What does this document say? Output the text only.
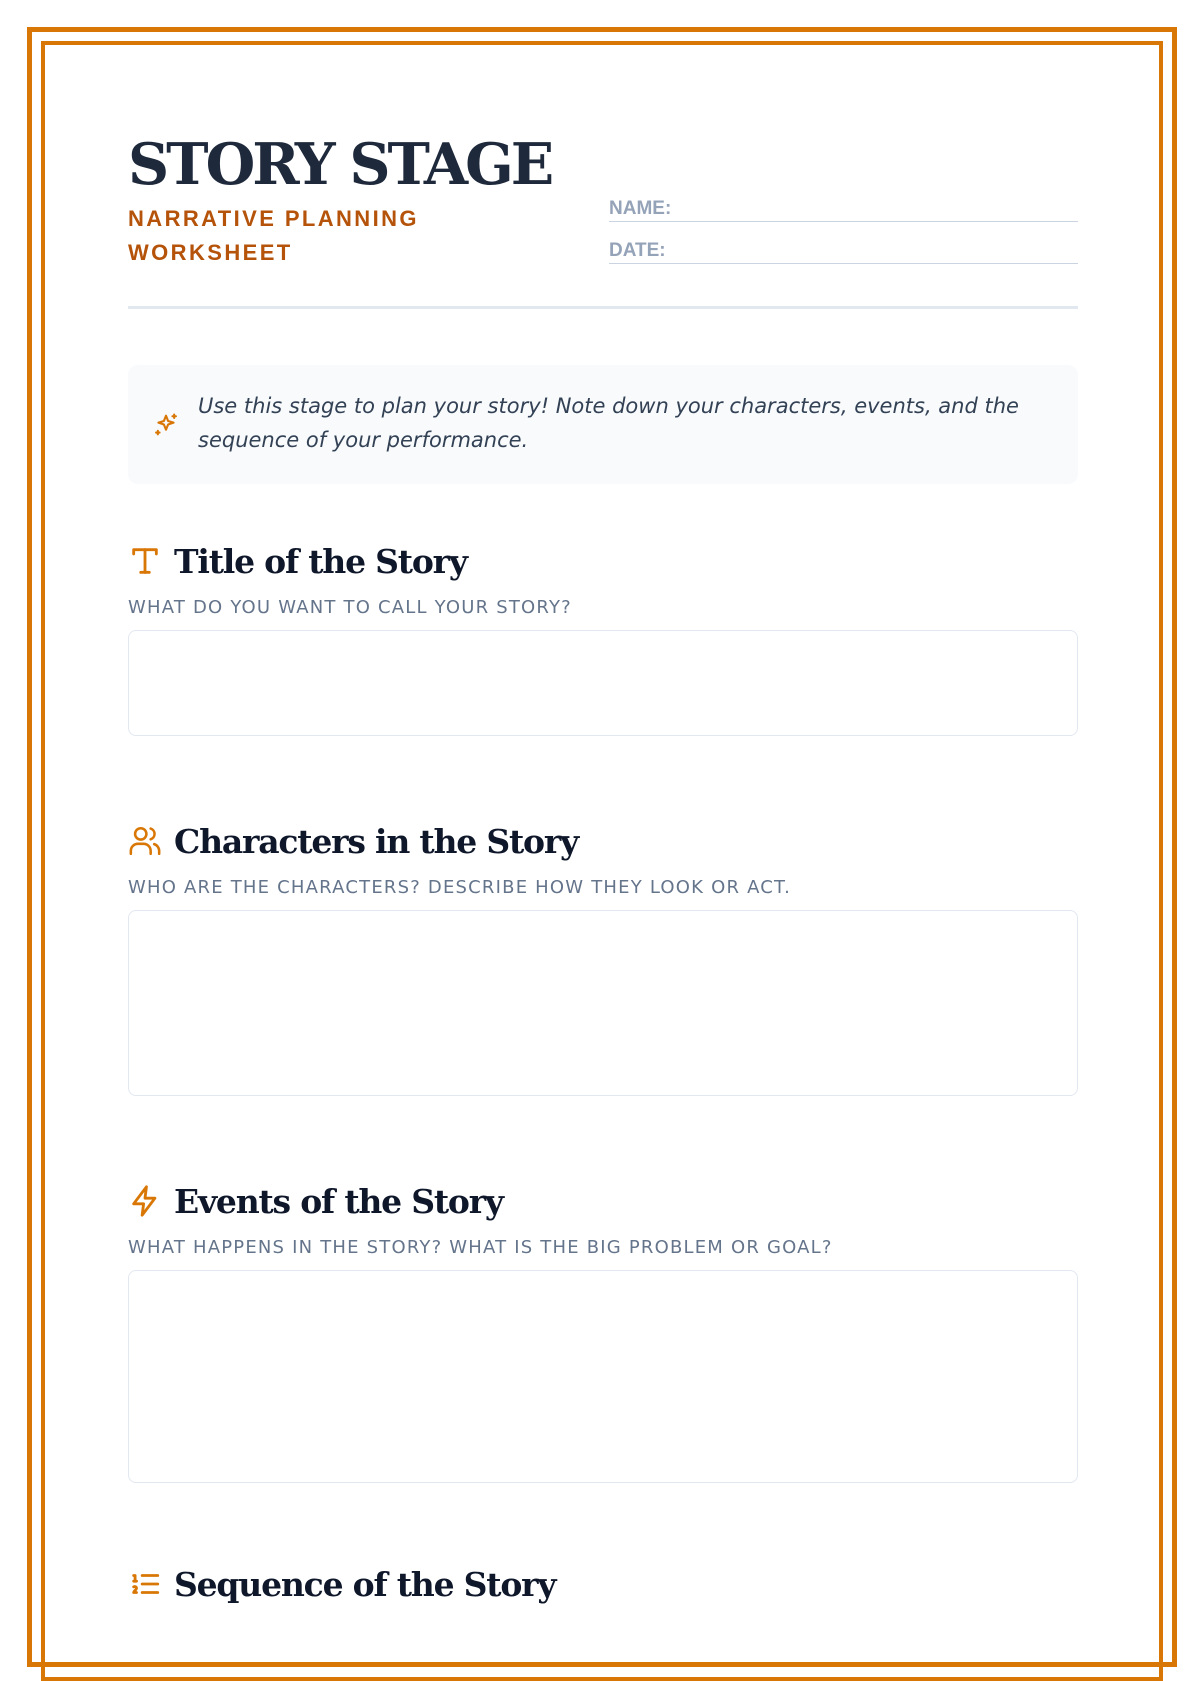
STORY STAGE
NARRATIVE PLANNING WORKSHEET
NAME:
DATE:
Use this stage to plan your story! Note down your characters, events, and the sequence of your performance.
Title of the Story
WHAT DO YOU WANT TO CALL YOUR STORY?
Characters in the Story
WHO ARE THE CHARACTERS? DESCRIBE HOW THEY LOOK OR ACT.
Events of the Story
WHAT HAPPENS IN THE STORY? WHAT IS THE BIG PROBLEM OR GOAL?
Sequence of the Story
